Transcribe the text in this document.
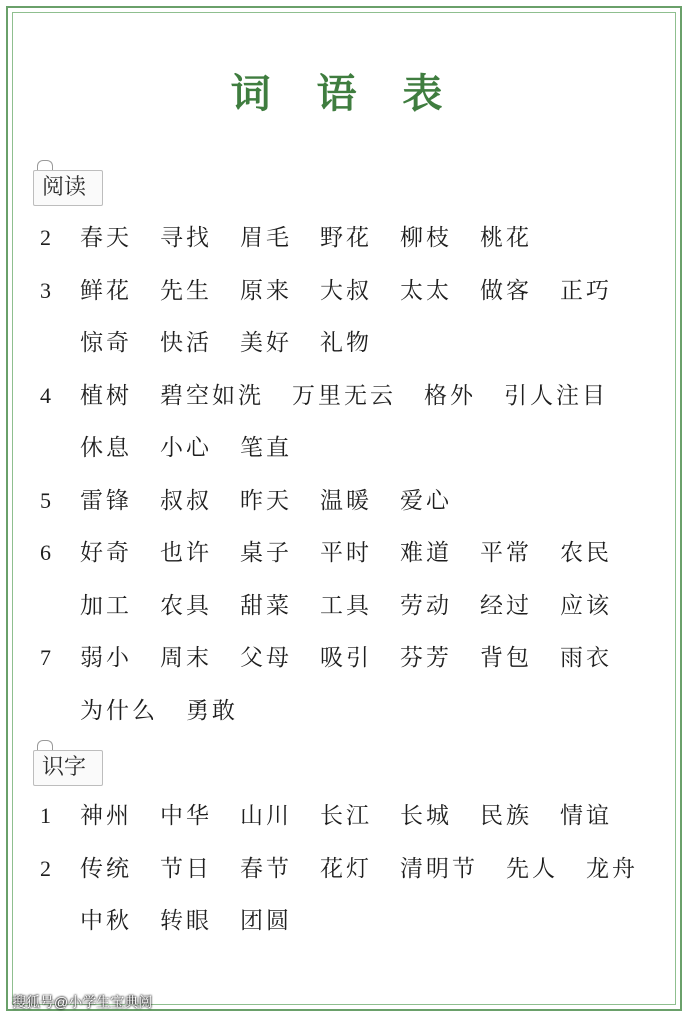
词 语 表
阅读
2	春天 寻找 眉毛 野花 柳枝 桃花
3	鲜花 先生 原来 大叔 太太 做客 正巧
惊奇 快活 美好 礼物
4	植树 碧空如洗 万里无云 格外 引人注目
休息 小心 笔直
5	雷锋 叔叔 昨天 温暖 爱心
6	好奇 也许 桌子 平时 难道 平常 农民
加工 农具 甜菜 工具 劳动 经过 应该
7	弱小 周末 父母 吸引 芬芳 背包 雨衣
为什么 勇敢
识字
1	神州 中华 山川 长江 长城 民族 情谊
2	传统 节日 春节 花灯 清明节 先人 龙舟
中秋 转眼 团圆
搜狐号@小学生宝典阅
